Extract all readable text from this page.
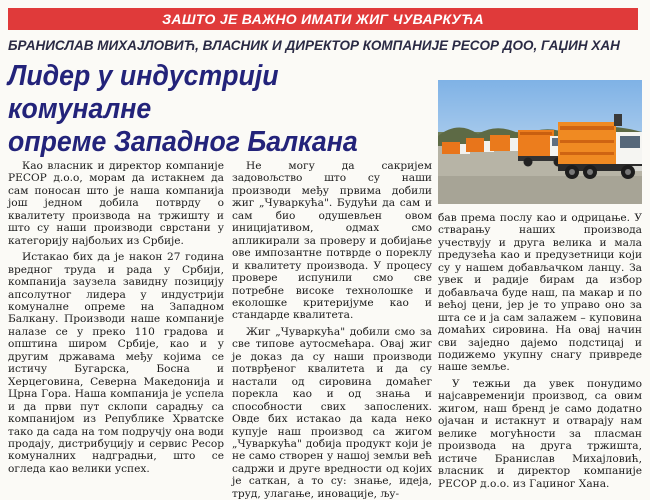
ЗАШТО ЈЕ ВАЖНО ИМАТИ ЖИГ ЧУВАРКУЋА
БРАНИСЛАВ МИХАЈЛОВИЋ, ВЛАСНИК И ДИРЕКТОР КОМПАНИЈЕ РЕСОР ДОО, ГАЏИН ХАН
Лидер у индустрији комуналне
опреме Западног Балкана

Као власник и директор компаније РЕСОР д.о.о, морам да истакнем да сам поносан што је наша компанија још једном добила потврду о квалитету производа на тржишту и што су наши производи сврстани у категорију најбољих из Србије.

Истакао бих да је након 27 година вредног труда и рада у Србији, компанија заузела завидну позицију апсолутног лидера у индустрији комуналне опреме на Западном Балкану. Производи наше компаније налазе се у преко 110 градова и општина широм Србије, као и у другим државама међу којима се истичу Бугарска, Босна и Херцеговина, Северна Македонија и Црна Гора. Наша компанија је успела и да први пут склопи сарадњу са компанијом из Републике Хрватске тако да сада на том подручју она води продају, дистрибуцију и сервис Ресор комуналних надградњи, што се огледа као велики успех.

Не могу да сакријем задовољство што су наши производи међу првима добили жиг „Чуваркућа". Будући да сам и сам био одушевљен овом иницијативом, одмах смо апликирали за проверу и добијање ове импозантне потврде о пореклу и квалитету производа. У процесу провере испунили смо све потребне високе технолошке и еколошке критеријуме као и стандарде квалитета.

Жиг „Чуваркућа" добили смо за све типове аутосмећара. Овај жиг је доказ да су наши производи потврђеног квалитета и да су настали од сировина домаћег порекла као и од знања и способности свих запослених. Овде бих истакао да када неко купује наш производ са жигом „Чуваркућа" добија продукт који је не само створен у нашој земљи већ садржи и друге вредности од којих је саткан, а то су: знање, идеја, труд, улагање, иновације, љу-

бав према послу као и одрицање. У стварању наших производа учествују и друга велика и мала предузећа као и предузетници који су у нашем добављачком ланцу. За увек и радије бирам да избор добављача буде наш, па макар и по већој цени, јер је то управо оно за шта се и ја сам залажем – куповина домаћих сировина. На овај начин сви заједно дајемо подстицај и подижемо укупну снагу привреде наше земље.

У тежњи да увек понудимо најсавременији производ, са овим жигом, наш бренд је само додатно ојачан и истакнут и отварају нам велике могућности за пласман производа на друга тржишта, истиче Бранислав Михајловић, власник и директор компаније РЕСОР д.о.о. из Гаџиног Хана.
